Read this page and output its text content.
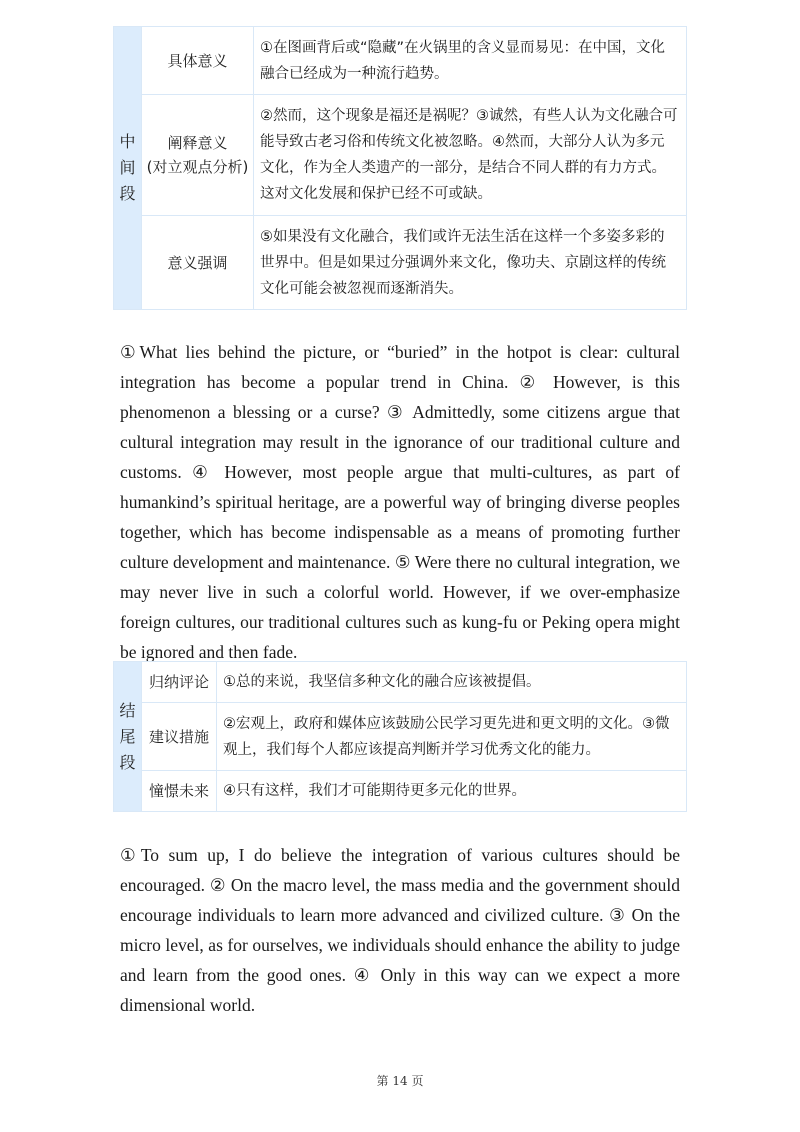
中
间
段	具体意义	①在图画背后或“隐藏”在火锅里的含义显而易见：在中国，文化融合已经成为一种流行趋势。

	阐释意义
(对立观点分析)	②然而，这个现象是福还是祸呢？③诚然，有些人认为文化融合可能导致古老习俗和传统文化被忽略。④然而，大部分人认为多元文化，作为全人类遗产的一部分，是结合不同人群的有力方式。这对文化发展和保护已经不可或缺。
	意义强调	⑤如果没有文化融合，我们或许无法生活在这样一个多姿多彩的世界中。但是如果过分强调外来文化，像功夫、京剧这样的传统文化可能会被忽视而逐渐消失。

①What lies behind the picture, or “buried” in the hotpot is clear: cultural integration has become a popular trend in China. ② However, is this phenomenon a blessing or a curse? ③ Admittedly, some citizens argue that cultural integration may result in the ignorance of our traditional culture and customs. ④ However, most people argue that multi-cultures, as part of humankind’s spiritual heritage, are a powerful way of bringing diverse peoples together, which has become indispensable as a means of promoting further culture development and maintenance. ⑤ Were there no cultural integration, we may never live in such a colorful world. However, if we over-emphasize foreign cultures, our traditional cultures such as kung-fu or Peking opera might be ignored and then fade.

结
尾
段	归纳评论	①总的来说，我坚信多种文化的融合应该被提倡。
	建议措施	②宏观上，政府和媒体应该鼓励公民学习更先进和更文明的文化。③微观上，我们每个人都应该提高判断并学习优秀文化的能力。
	憧憬未来	④只有这样，我们才可能期待更多元化的世界。

①To sum up, I do believe the integration of various cultures should be encouraged. ② On the macro level, the mass media and the government should encourage individuals to learn more advanced and civilized culture. ③ On the micro level, as for ourselves, we individuals should enhance the ability to judge and learn from the good ones. ④ Only in this way can we expect a more dimensional world.

第 14 页
